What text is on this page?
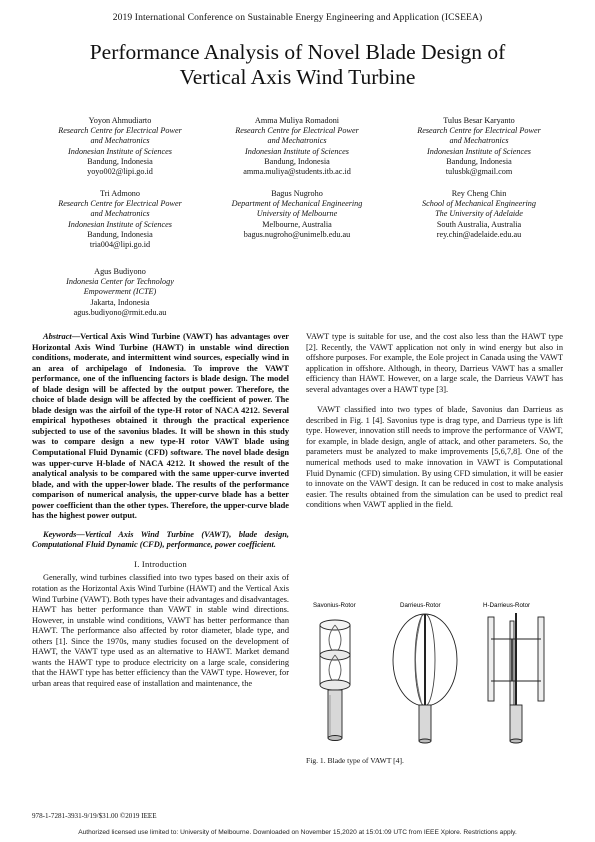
2019 International Conference on Sustainable Energy Engineering and Application (ICSEEA)
Performance Analysis of Novel Blade Design of
Vertical Axis Wind Turbine
Yoyon Ahmudiarto
Research Centre for Electrical Power
and Mechatronics
Indonesian Institute of Sciences
Bandung, Indonesia
yoyo002@lipi.go.id
Amma Muliya Romadoni
Research Centre for Electrical Power
and Mechatronics
Indonesian Institute of Sciences
Bandung, Indonesia
amma.muliya@students.itb.ac.id
Tulus Besar Karyanto
Research Centre for Electrical Power
and Mechatronics
Indonesian Institute of Sciences
Bandung, Indonesia
tulusbk@gmail.com
Tri Admono
Research Centre for Electrical Power
and Mechatronics
Indonesian Institute of Sciences
Bandung, Indonesia
tria004@lipi.go.id
Bagus Nugroho
Department of Mechanical Engineering
University of Melbourne
Melbourne, Australia
bagus.nugroho@unimelb.edu.au
Rey Cheng Chin
School of Mechanical Engineering
The University of Adelaide
South Australia, Australia
rey.chin@adelaide.edu.au
Agus Budiyono
Indonesia Center for Technology
Empowerment (ICTE)
Jakarta, Indonesia
agus.budiyono@rmit.edu.au

Abstract—Vertical Axis Wind Turbine (VAWT) has advantages over Horizontal Axis Wind Turbine (HAWT) in unstable wind direction conditions, moderate, and intermittent wind sources, especially wind in an area of archipelago of Indonesia. To improve the VAWT performance, one of the influencing factors is blade design. The model of blade design will be affected by the output power. Therefore, the choice of blade design will be affected by the coefficient of power. The blade design was the airfoil of the type-H rotor of NACA 4212. Several empirical hypotheses obtained it through the practical experience subjected to use of the savonius blades. It will be shown in this study was to compare design a new type-H rotor VAWT blade using Computational Fluid Dynamic (CFD) software. The novel blade design was upper-curve H-blade of NACA 4212. It showed the result of the analytical analysis to be compared with the same upper-curve inverted blade, and with the upper-lower blade. The results of the performance comparison of numerical analysis, the upper-curve blade has a better power coefficient than the other types. Therefore, the upper-curve blade has the highest power output.

Keywords—Vertical Axis Wind Turbine (VAWT), blade design, Computational Fluid Dynamic (CFD), performance, power coefficient.

I. Introduction

Generally, wind turbines classified into two types based on their axis of rotation as the Horizontal Axis Wind Turbine (HAWT) and the Vertical Axis Wind Turbine (VAWT). Both types have their advantages and disadvantages. HAWT has better performance than VAWT in stable wind directions. However, in unstable wind conditions, VAWT has better performance than HAWT. The performance also affected by rotor diameter, blade type, and others [1]. Since the 1970s, many studies focused on the development of HAWT, the VAWT type used as an alternative to HAWT. Market demand wants the HAWT type to produce electricity on a large scale, considering that the HAWT type has better efficiency than the VAWT type. However, for urban areas that required ease of installation and maintenance, the

VAWT type is suitable for use, and the cost also less than the HAWT type [2]. Recently, the VAWT application not only in wind energy but also in offshore purposes. For example, the Eole project in Canada using the VAWT application in offshore. Although, in theory, Darrieus VAWT has a smaller efficiency than HAWT. However, on a large scale, the Darrieus VAWT has several advantages over a HAWT type [3].

VAWT classified into two types of blade, Savonius dan Darrieus as described in Fig. 1 [4]. Savonius type is drag type, and Darrieus type is lift type. However, innovation still needs to improve the performance of VAWT, for example, in blade design, angle of attack, and other parameters. So, the parameters must be analyzed to make improvements [5,6,7,8]. One of the numerical methods used to make innovation in VAWT is Computational Fluid Dynamic (CFD) simulation. By using CFD simulation, it will be easier to innovate on the VAWT design. It can be reduced in cost to make analysis easier. The results obtained from the simulation can be used to predict real conditions when VAWT applied in the field.

Savonius-Rotor	Darrieus-Rotor	H-Darrieus-Rotor
Fig. 1. Blade type of VAWT [4].
978-1-7281-3931-9/19/$31.00 ©2019 IEEE
Authorized licensed use limited to: University of Melbourne. Downloaded on November 15,2020 at 15:01:09 UTC from IEEE Xplore. Restrictions apply.
